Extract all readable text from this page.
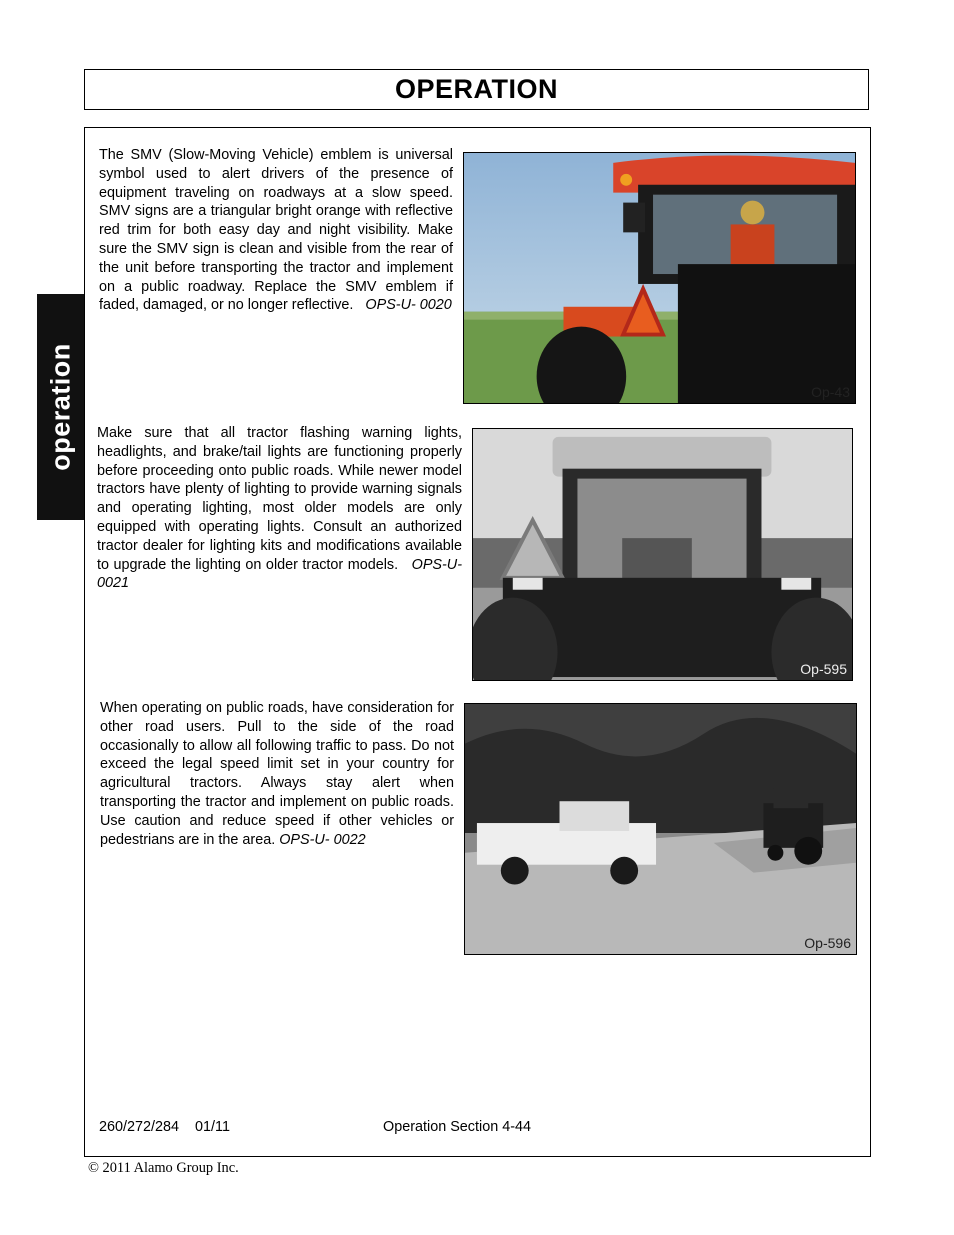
OPERATION
operation
The SMV (Slow-Moving Vehicle) emblem is universal symbol used to alert drivers of the presence of equipment traveling on roadways at a slow speed. SMV signs are a triangular bright orange with reflective red trim for both easy day and night visibility. Make sure the SMV sign is clean and visible from the rear of the unit before transporting the tractor and implement on a public roadway. Replace the SMV emblem if faded, damaged, or no longer reflective. OPS-U- 0020
Op-43
Make sure that all tractor flashing warning lights, headlights, and brake/tail lights are functioning properly before proceeding onto public roads. While newer model tractors have plenty of lighting to provide warning signals and operating lighting, most older models are only equipped with operating lights. Consult an authorized tractor dealer for lighting kits and modifications available to upgrade the lighting on older tractor models. OPS-U- 0021
Op-595
When operating on public roads, have consideration for other road users. Pull to the side of the road occasionally to allow all following traffic to pass. Do not exceed the legal speed limit set in your country for agricultural tractors. Always stay alert when transporting the tractor and implement on public roads. Use caution and reduce speed if other vehicles or pedestrians are in the area. OPS-U- 0022
Op-596
260/272/284    01/11	Operation Section 4-44
© 2011 Alamo Group Inc.
